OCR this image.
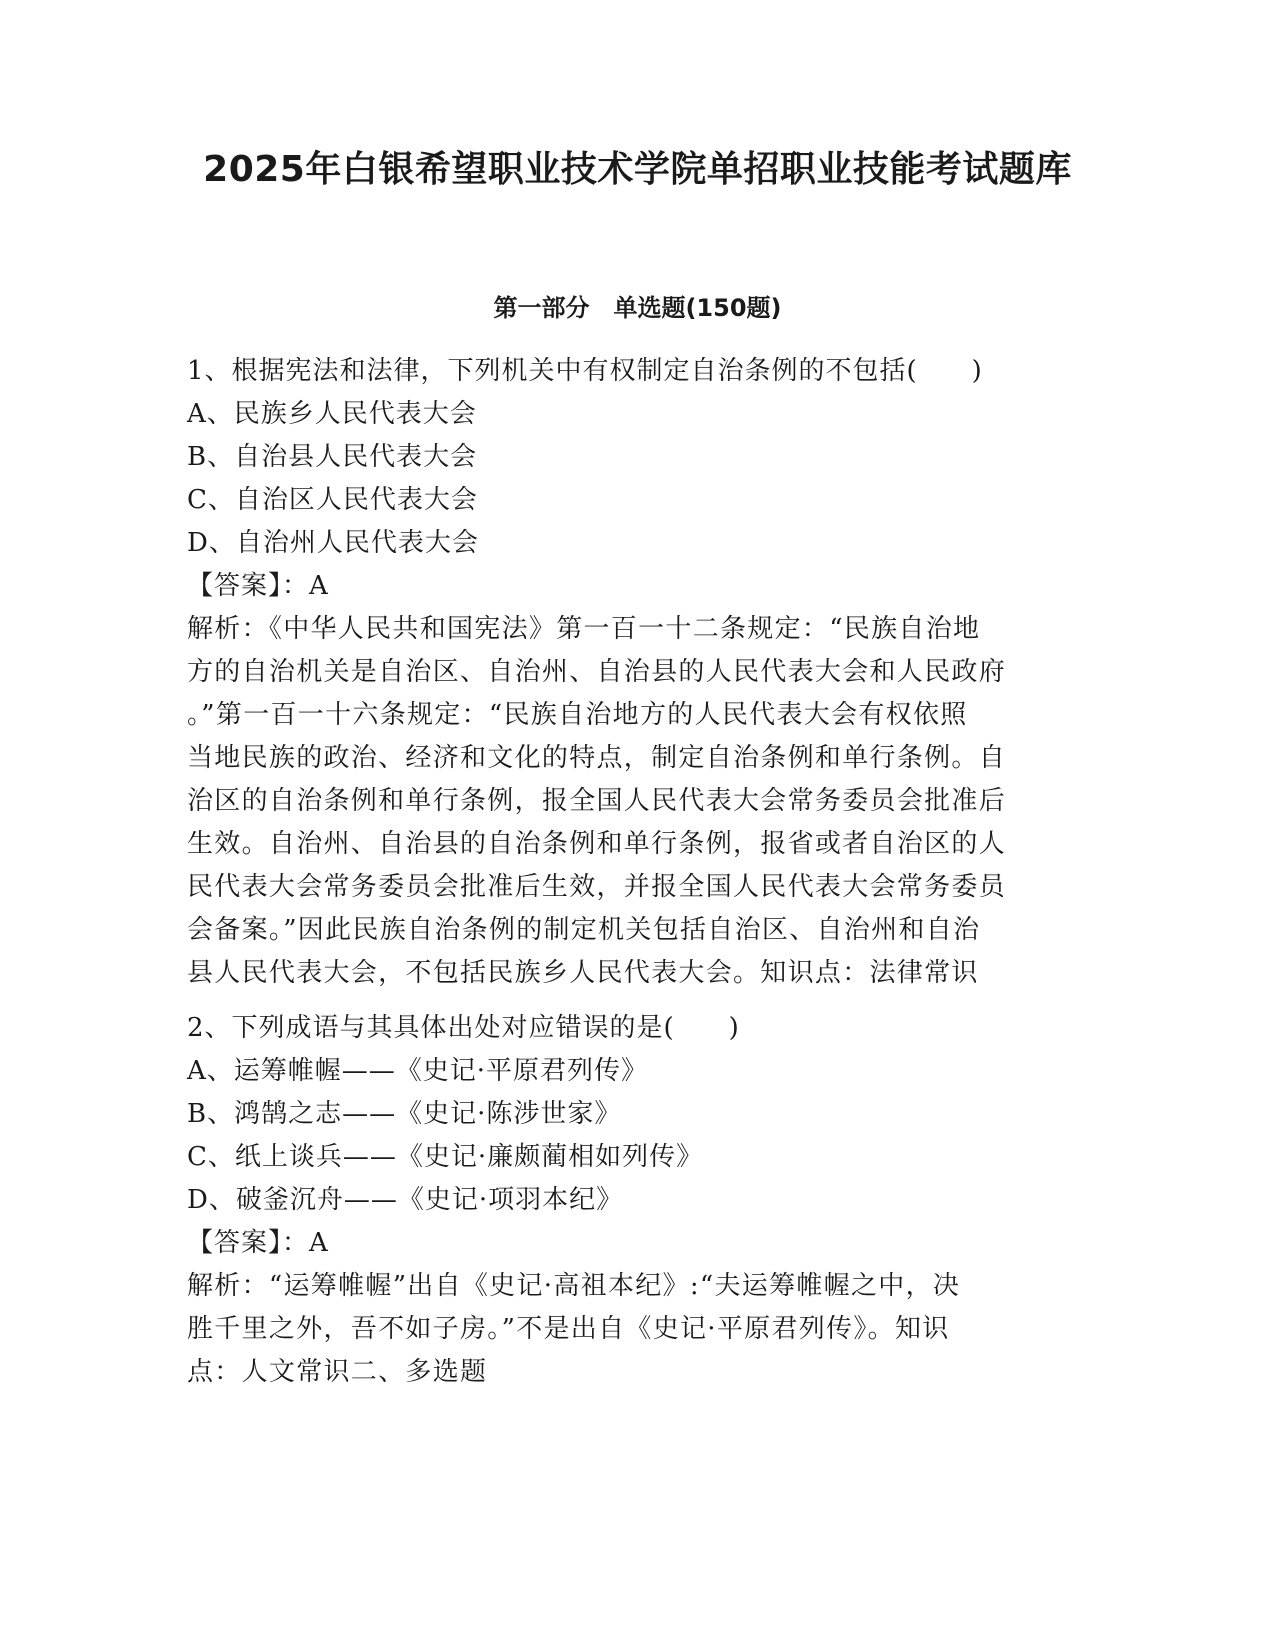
2025年白银希望职业技术学院单招职业技能考试题库
第一部分　单选题(150题)
1、根据宪法和法律，下列机关中有权制定自治条例的不包括(　　)
A、民族乡人民代表大会
B、自治县人民代表大会
C、自治区人民代表大会
D、自治州人民代表大会
【答案】：A
解析：《中华人民共和国宪法》第一百一十二条规定：“民族自治地
方的自治机关是自治区、自治州、自治县的人民代表大会和人民政府
。”第一百一十六条规定：“民族自治地方的人民代表大会有权依照
当地民族的政治、经济和文化的特点，制定自治条例和单行条例。自
治区的自治条例和单行条例，报全国人民代表大会常务委员会批准后
生效。自治州、自治县的自治条例和单行条例，报省或者自治区的人
民代表大会常务委员会批准后生效，并报全国人民代表大会常务委员
会备案。”因此民族自治条例的制定机关包括自治区、自治州和自治
县人民代表大会，不包括民族乡人民代表大会。知识点：法律常识
2、下列成语与其具体出处对应错误的是(　　)
A、运筹帷幄——《史记·平原君列传》
B、鸿鹄之志——《史记·陈涉世家》
C、纸上谈兵——《史记·廉颇蔺相如列传》
D、破釜沉舟——《史记·项羽本纪》
【答案】：A
解析：“运筹帷幄”出自《史记·高祖本纪》:“夫运筹帷幄之中，决
胜千里之外，吾不如子房。”不是出自《史记·平原君列传》。知识
点：人文常识二、多选题
